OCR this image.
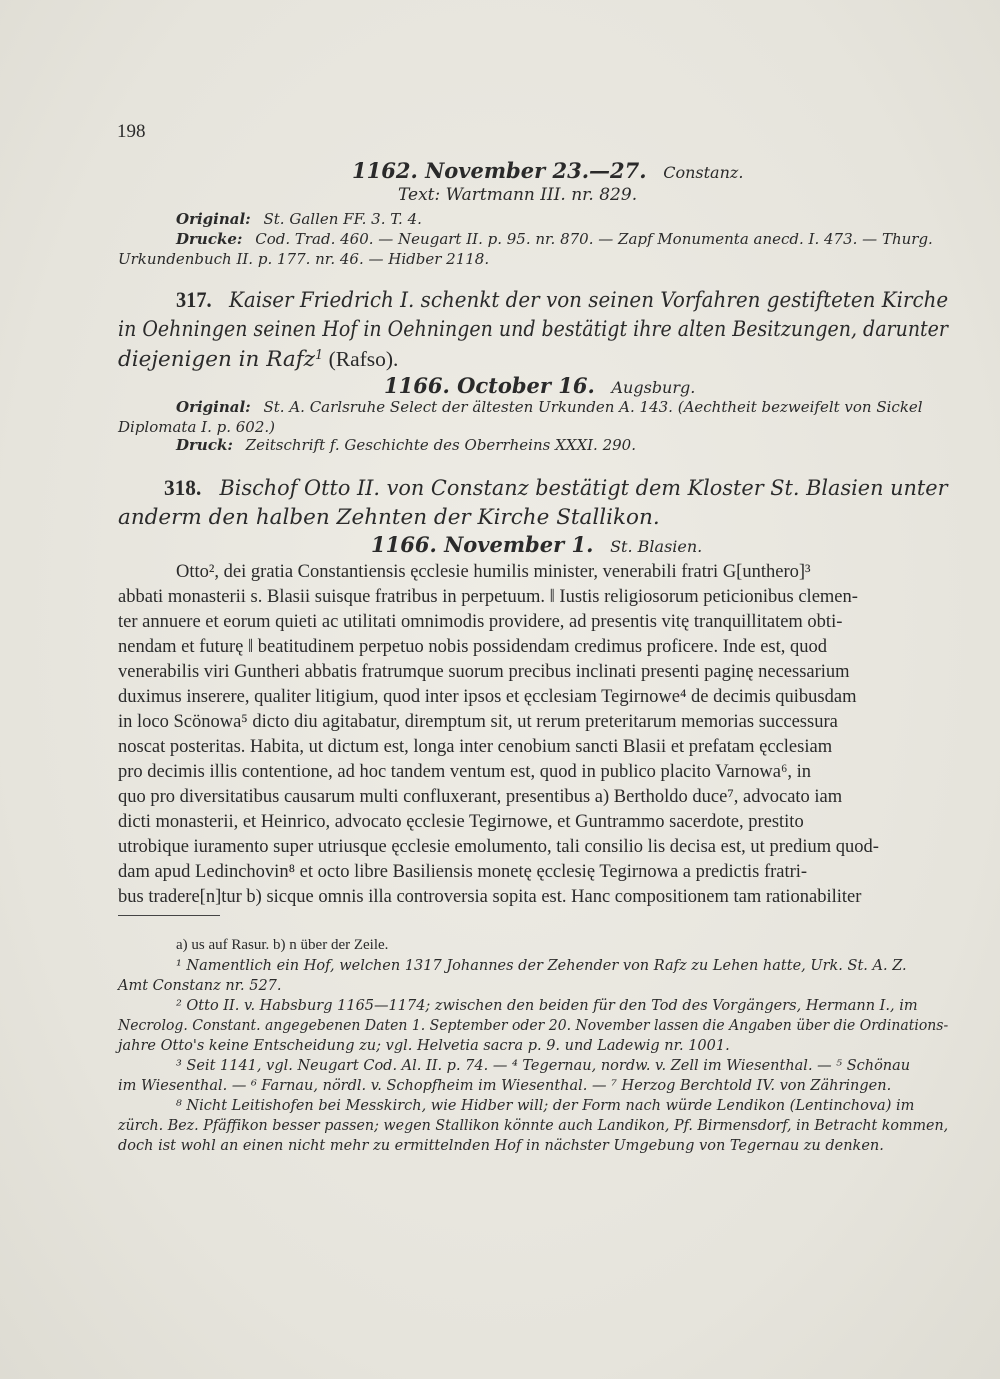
198
1162. November 23.—27. Constanz.
Text: Wartmann III. nr. 829.
Original: St. Gallen FF. 3. T. 4.
Drucke: Cod. Trad. 460. — Neugart II. p. 95. nr. 870. — Zapf Monumenta anecd. I. 473. — Thurg.
Urkundenbuch II. p. 177. nr. 46. — Hidber 2118.
317. Kaiser Friedrich I. schenkt der von seinen Vorfahren gestifteten Kirche
in Oehningen seinen Hof in Oehningen und bestätigt ihre alten Besitzungen, darunter
diejenigen in Rafz$^1$ (Rafso).
1166. October 16. Augsburg.
Original: St. A. Carlsruhe Select der ältesten Urkunden A. 143. (Aechtheit bezweifelt von Sickel
Diplomata I. p. 602.)
Druck: Zeitschrift f. Geschichte des Oberrheins XXXI. 290.
318. Bischof Otto II. von Constanz bestätigt dem Kloster St. Blasien unter
anderm den halben Zehnten der Kirche Stallikon.
1166. November 1. St. Blasien.
Otto², dei gratia Constantiensis ęcclesie humilis minister, venerabili fratri G[unthero]³
abbati monasterii s. Blasii suisque fratribus in perpetuum. ‖ Iustis religiosorum peticionibus clemen-
ter annuere et eorum quieti ac utilitati omnimodis providere, ad presentis vitę tranquillitatem obti-
nendam et futurę ‖ beatitudinem perpetuo nobis possidendam credimus proficere. Inde est, quod
venerabilis viri Guntheri abbatis fratrumque suorum precibus inclinati presenti paginę necessarium
duximus inserere, qualiter litigium, quod inter ipsos et ęcclesiam Tegirnowe⁴ de decimis quibusdam
in loco Scönowa⁵ dicto diu agitabatur, diremptum sit, ut rerum preteritarum memorias successura
noscat posteritas. Habita, ut dictum est, longa inter cenobium sancti Blasii et prefatam ęcclesiam
pro decimis illis contentione, ad hoc tandem ventum est, quod in publico placito Varnowa⁶, in
quo pro diversitatibus causarum multi confluxerant, presentibus a) Bertholdo duce⁷, advocato iam
dicti monasterii, et Heinrico, advocato ęcclesie Tegirnowe, et Guntrammo sacerdote, prestito
utrobique iuramento super utriusque ęcclesie emolumento, tali consilio lis decisa est, ut predium quod-
dam apud Ledinchovin⁸ et octo libre Basiliensis monetę ęcclesię Tegirnowa a predictis fratri-
bus tradere[n]tur b) sicque omnis illa controversia sopita est. Hanc compositionem tam rationabiliter
a) us auf Rasur. b) n über der Zeile.
¹ Namentlich ein Hof, welchen 1317 Johannes der Zehender von Rafz zu Lehen hatte, Urk. St. A. Z.
Amt Constanz nr. 527.
² Otto II. v. Habsburg 1165—1174; zwischen den beiden für den Tod des Vorgängers, Hermann I., im
Necrolog. Constant. angegebenen Daten 1. September oder 20. November lassen die Angaben über die Ordinations-
jahre Otto's keine Entscheidung zu; vgl. Helvetia sacra p. 9. und Ladewig nr. 1001.
³ Seit 1141, vgl. Neugart Cod. Al. II. p. 74. — ⁴ Tegernau, nordw. v. Zell im Wiesenthal. — ⁵ Schönau
im Wiesenthal. — ⁶ Farnau, nördl. v. Schopfheim im Wiesenthal. — ⁷ Herzog Berchtold IV. von Zähringen.
⁸ Nicht Leitishofen bei Messkirch, wie Hidber will; der Form nach würde Lendikon (Lentinchova) im
zürch. Bez. Pfäffikon besser passen; wegen Stallikon könnte auch Landikon, Pf. Birmensdorf, in Betracht kommen,
doch ist wohl an einen nicht mehr zu ermittelnden Hof in nächster Umgebung von Tegernau zu denken.
